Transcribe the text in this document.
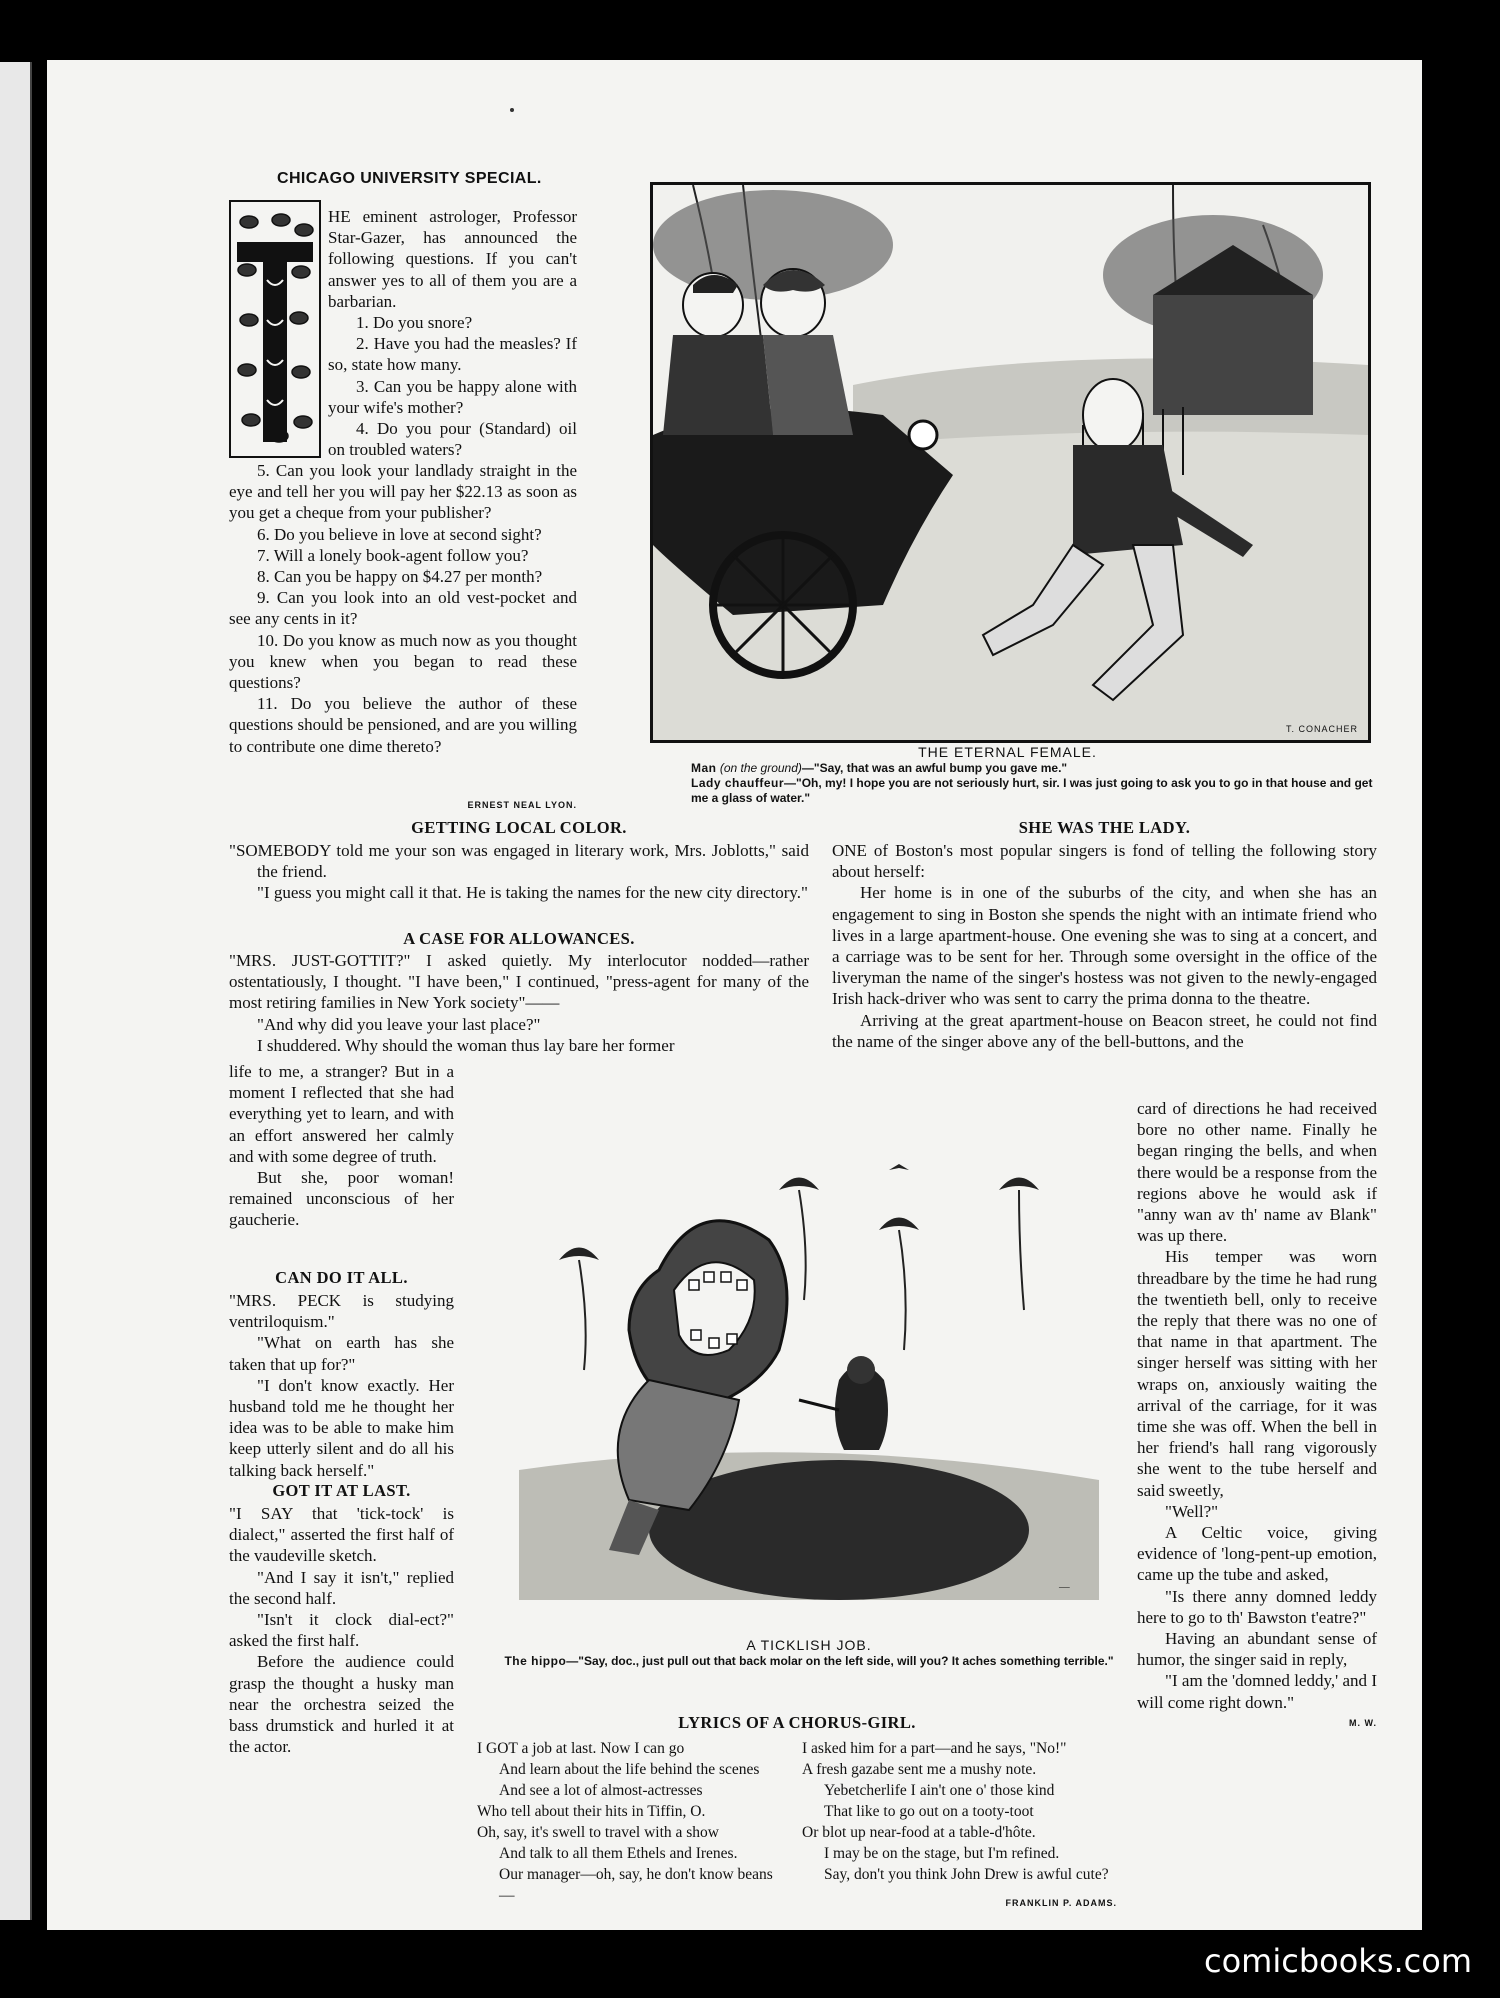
CHICAGO UNIVERSITY SPECIAL.

HE eminent astrologer, Professor Star-Gazer, has announced the following questions. If you can't answer yes to all of them you are a barbarian.

1. Do you snore?

2. Have you had the measles? If so, state how many.

3. Can you be happy alone with your wife's mother?

4. Do you pour (Standard) oil on troubled waters?

5. Can you look your landlady straight in the eye and tell her you will pay her $22.13 as soon as you get a cheque from your publisher?

6. Do you believe in love at second sight?

7. Will a lonely book-agent follow you?

8. Can you be happy on $4.27 per month?

9. Can you look into an old vest-pocket and see any cents in it?

10. Do you know as much now as you thought you knew when you began to read these questions?

11. Do you believe the author of these questions should be pensioned, and are you willing to contribute one dime thereto?

ERNEST NEAL LYON.
T. CONACHER
THE ETERNAL FEMALE.
Man (on the ground)—"Say, that was an awful bump you gave me."
Lady chauffeur—"Oh, my! I hope you are not seriously hurt, sir. I was just going to ask you to go in that house and get me a glass of water."
GETTING LOCAL COLOR.

"SOMEBODY told me your son was engaged in literary work, Mrs. Joblotts," said the friend.

"I guess you might call it that. He is taking the names for the new city directory."

A CASE FOR ALLOWANCES.

"MRS. JUST-GOTTIT?" I asked quietly. My interlocutor nodded—rather ostentatiously, I thought. "I have been," I continued, "press-agent for many of the most retiring families in New York society"——

"And why did you leave your last place?"

I shuddered. Why should the woman thus lay bare her former

life to me, a stranger? But in a moment I reflected that she had everything yet to learn, and with an effort answered her calmly and with some degree of truth.

But she, poor woman! remained unconscious of her gaucherie.

CAN DO IT ALL.

"MRS. PECK is studying ventriloquism."

"What on earth has she taken that up for?"

"I don't know exactly. Her husband told me he thought her idea was to be able to make him keep utterly silent and do all his talking back herself."

GOT IT AT LAST.

"I SAY that 'tick-tock' is dialect," asserted the first half of the vaudeville sketch.

"And I say it isn't," replied the second half.

"Isn't it clock dial-ect?" asked the first half.

Before the audience could grasp the thought a husky man near the orchestra seized the bass drumstick and hurled it at the actor.

SHE WAS THE LADY.

ONE of Boston's most popular singers is fond of telling the following story about herself:

Her home is in one of the suburbs of the city, and when she has an engagement to sing in Boston she spends the night with an intimate friend who lives in a large apartment-house. One evening she was to sing at a concert, and a carriage was to be sent for her. Through some oversight in the office of the liveryman the name of the singer's hostess was not given to the newly-engaged Irish hack-driver who was sent to carry the prima donna to the theatre.

Arriving at the great apartment-house on Beacon street, he could not find the name of the singer above any of the bell-buttons, and the

card of directions he had received bore no other name. Finally he began ringing the bells, and when there would be a response from the regions above he would ask if "anny wan av th' name av Blank" was up there.

His temper was worn threadbare by the time he had rung the twentieth bell, only to receive the reply that there was no one of that name in that apartment. The singer herself was sitting with her wraps on, anxiously waiting the arrival of the carriage, for it was time she was off. When the bell in her friend's hall rang vigorously she went to the tube herself and said sweetly,

"Well?"

A Celtic voice, giving evidence of 'long-pent-up emotion, came up the tube and asked,

"Is there anny domned leddy here to go to th' Bawston t'eatre?"

Having an abundant sense of humor, the singer said in reply,

"I am the 'domned leddy,' and I will come right down."

M. W.

—
A TICKLISH JOB.
The hippo—"Say, doc., just pull out that back molar on the left side, will you? It aches something terrible."
LYRICS OF A CHORUS-GIRL.

I GOT a job at last. Now I can go

And learn about the life behind the scenes

And see a lot of almost-actresses

Who tell about their hits in Tiffin, O.

Oh, say, it's swell to travel with a show

And talk to all them Ethels and Irenes.

Our manager—oh, say, he don't know beans—

I asked him for a part—and he says, "No!"

A fresh gazabe sent me a mushy note.

Yebetcherlife I ain't one o' those kind

That like to go out on a tooty-toot

Or blot up near-food at a table-d'hôte.

I may be on the stage, but I'm refined.

Say, don't you think John Drew is awful cute?

FRANKLIN P. ADAMS.
comicbooks.com
